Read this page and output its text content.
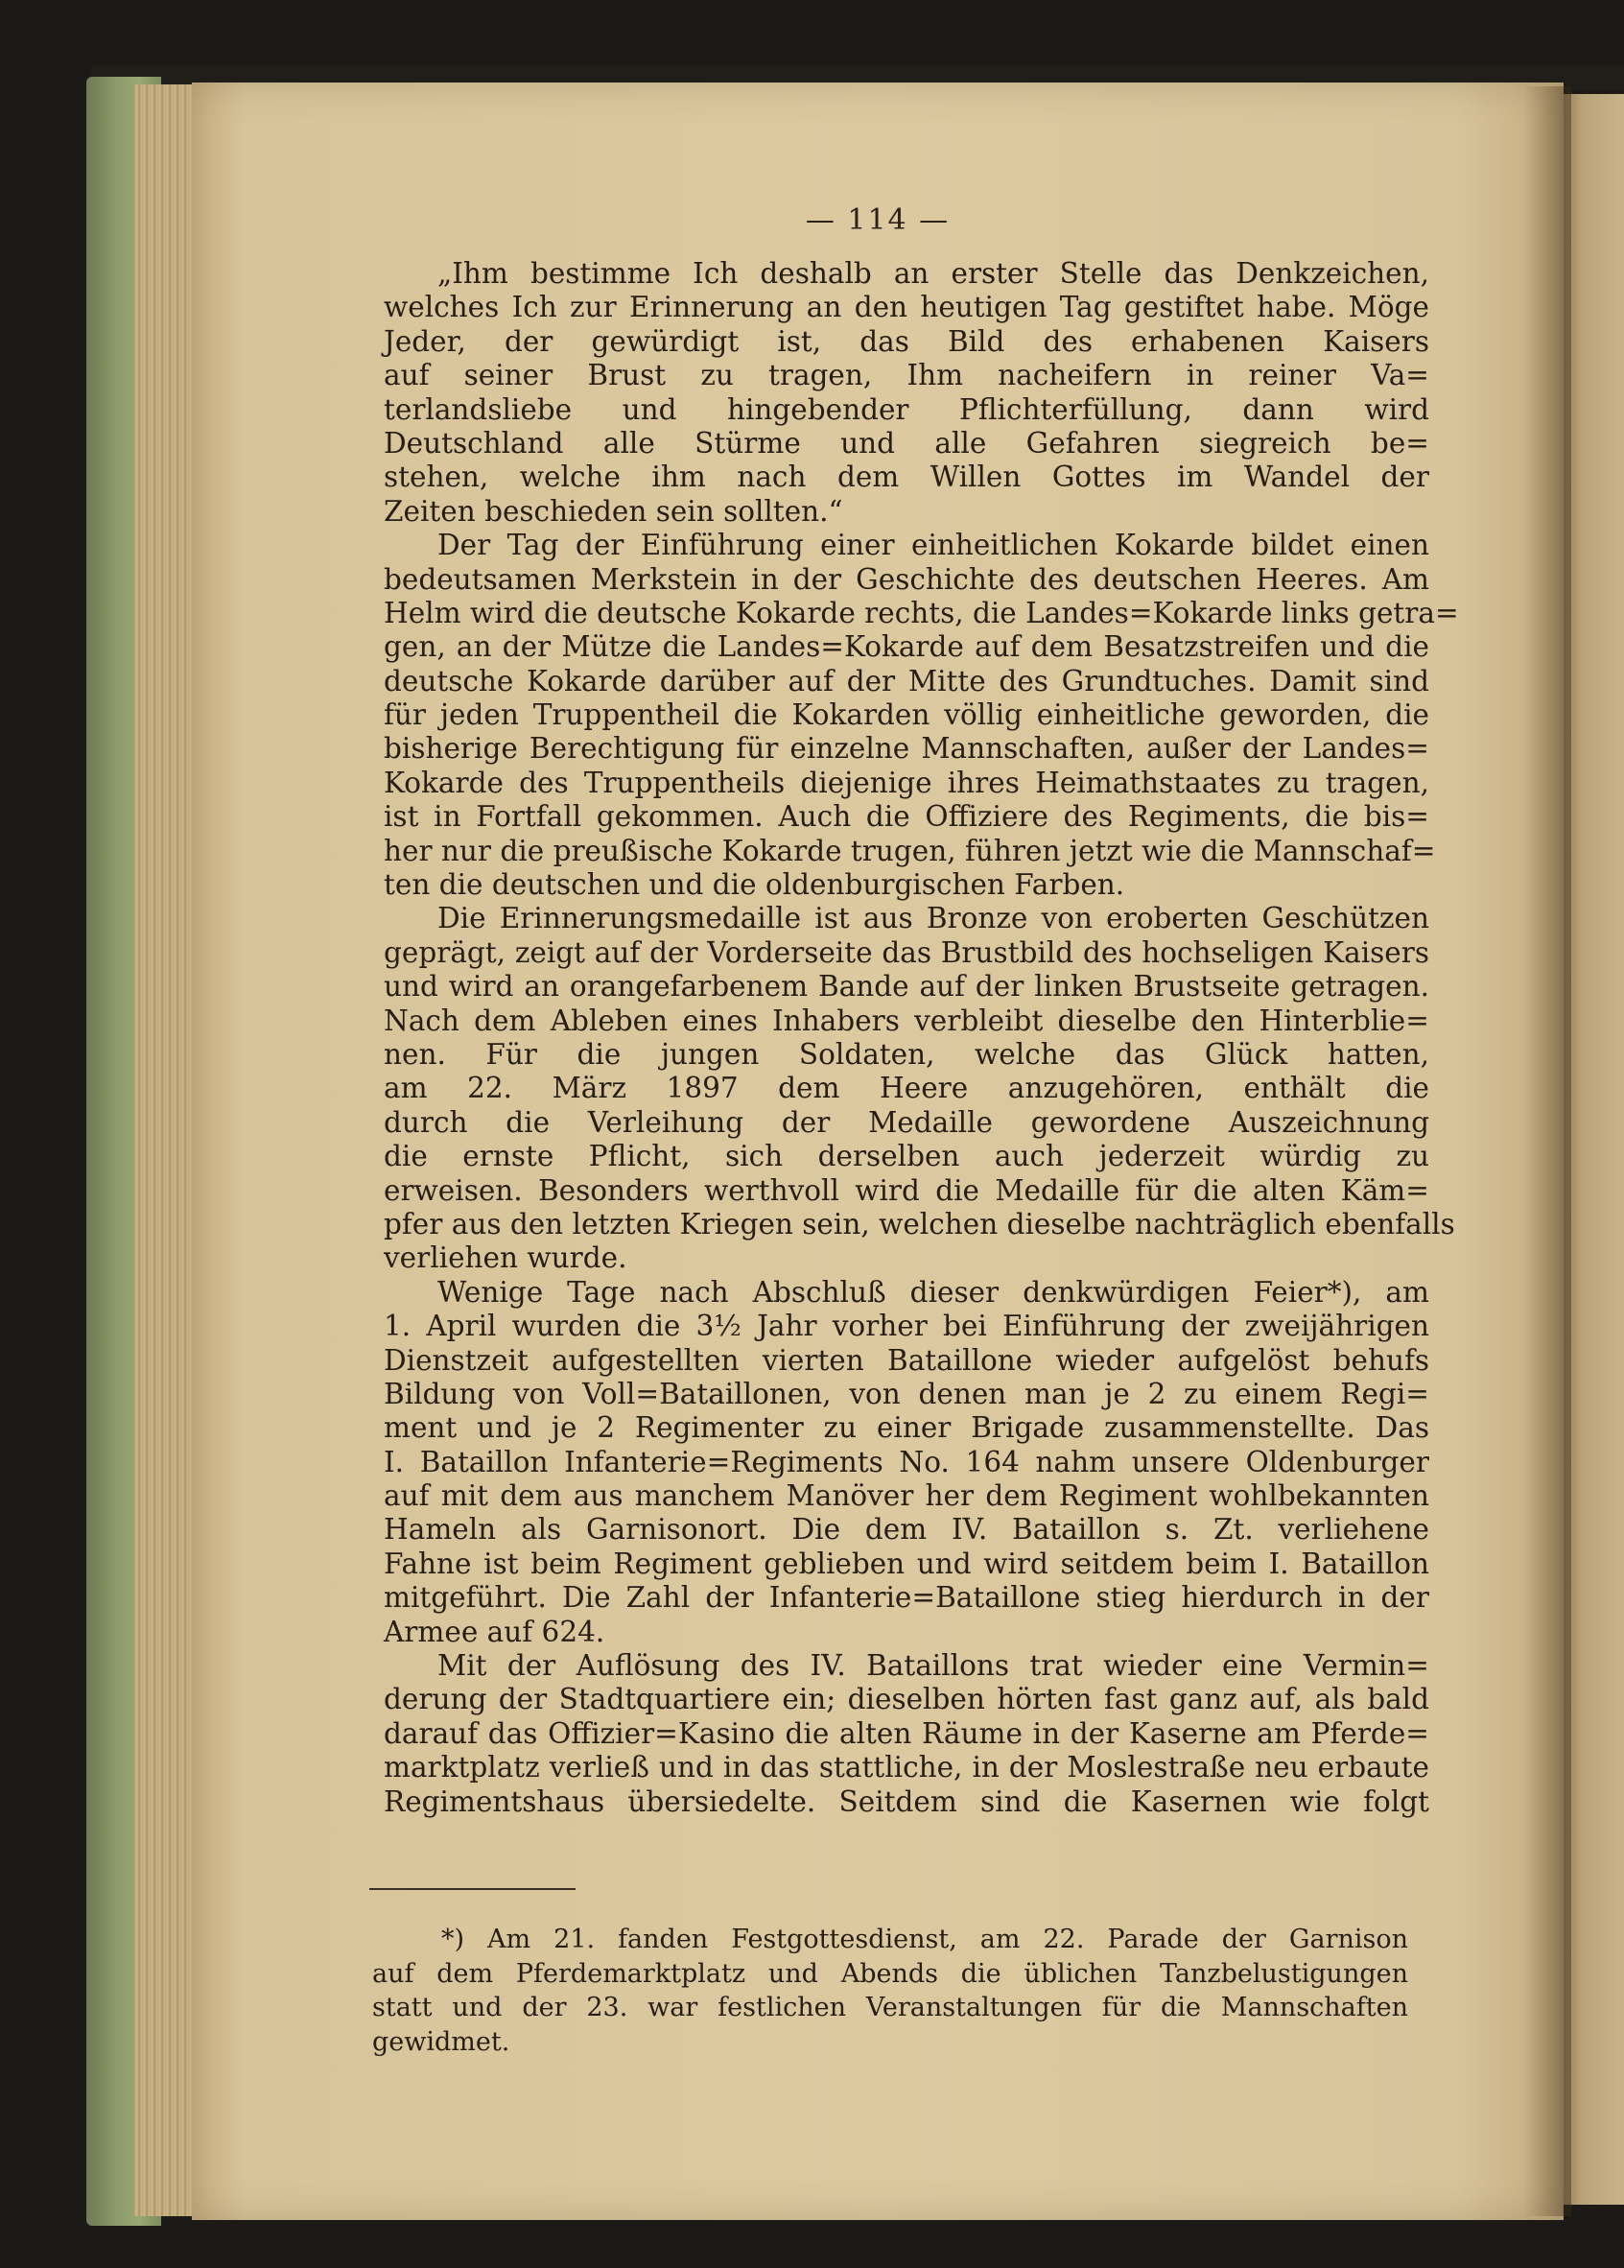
— 114 —
„Ihm bestimme Ich deshalb an erster Stelle das Denkzeichen,
welches Ich zur Erinnerung an den heutigen Tag gestiftet habe. Möge
Jeder, der gewürdigt ist, das Bild des erhabenen Kaisers
auf seiner Brust zu tragen, Ihm nacheifern in reiner Va=
terlandsliebe und hingebender Pflichterfüllung, dann wird
Deutschland alle Stürme und alle Gefahren siegreich be=
stehen, welche ihm nach dem Willen Gottes im Wandel der
Zeiten beschieden sein sollten.“
Der Tag der Einführung einer einheitlichen Kokarde bildet einen
bedeutsamen Merkstein in der Geschichte des deutschen Heeres. Am
Helm wird die deutsche Kokarde rechts, die Landes=Kokarde links getra=
gen, an der Mütze die Landes=Kokarde auf dem Besatzstreifen und die
deutsche Kokarde darüber auf der Mitte des Grundtuches. Damit sind
für jeden Truppentheil die Kokarden völlig einheitliche geworden, die
bisherige Berechtigung für einzelne Mannschaften, außer der Landes=
Kokarde des Truppentheils diejenige ihres Heimathstaates zu tragen,
ist in Fortfall gekommen. Auch die Offiziere des Regiments, die bis=
her nur die preußische Kokarde trugen, führen jetzt wie die Mannschaf=
ten die deutschen und die oldenburgischen Farben.
Die Erinnerungsmedaille ist aus Bronze von eroberten Geschützen
geprägt, zeigt auf der Vorderseite das Brustbild des hochseligen Kaisers
und wird an orangefarbenem Bande auf der linken Brustseite getragen.
Nach dem Ableben eines Inhabers verbleibt dieselbe den Hinterblie=
nen. Für die jungen Soldaten, welche das Glück hatten,
am 22. März 1897 dem Heere anzugehören, enthält die
durch die Verleihung der Medaille gewordene Auszeichnung
die ernste Pflicht, sich derselben auch jederzeit würdig zu
erweisen. Besonders werthvoll wird die Medaille für die alten Käm=
pfer aus den letzten Kriegen sein, welchen dieselbe nachträglich ebenfalls
verliehen wurde.
Wenige Tage nach Abschluß dieser denkwürdigen Feier*), am
1. April wurden die 3½ Jahr vorher bei Einführung der zweijährigen
Dienstzeit aufgestellten vierten Bataillone wieder aufgelöst behufs
Bildung von Voll=Bataillonen, von denen man je 2 zu einem Regi=
ment und je 2 Regimenter zu einer Brigade zusammenstellte. Das
I. Bataillon Infanterie=Regiments No. 164 nahm unsere Oldenburger
auf mit dem aus manchem Manöver her dem Regiment wohlbekannten
Hameln als Garnisonort. Die dem IV. Bataillon s. Zt. verliehene
Fahne ist beim Regiment geblieben und wird seitdem beim I. Bataillon
mitgeführt. Die Zahl der Infanterie=Bataillone stieg hierdurch in der
Armee auf 624.
Mit der Auflösung des IV. Bataillons trat wieder eine Vermin=
derung der Stadtquartiere ein; dieselben hörten fast ganz auf, als bald
darauf das Offizier=Kasino die alten Räume in der Kaserne am Pferde=
marktplatz verließ und in das stattliche, in der Moslestraße neu erbaute
Regimentshaus übersiedelte. Seitdem sind die Kasernen wie folgt
*) Am 21. fanden Festgottesdienst, am 22. Parade der Garnison
auf dem Pferdemarktplatz und Abends die üblichen Tanzbelustigungen
statt und der 23. war festlichen Veranstaltungen für die Mannschaften
gewidmet.
